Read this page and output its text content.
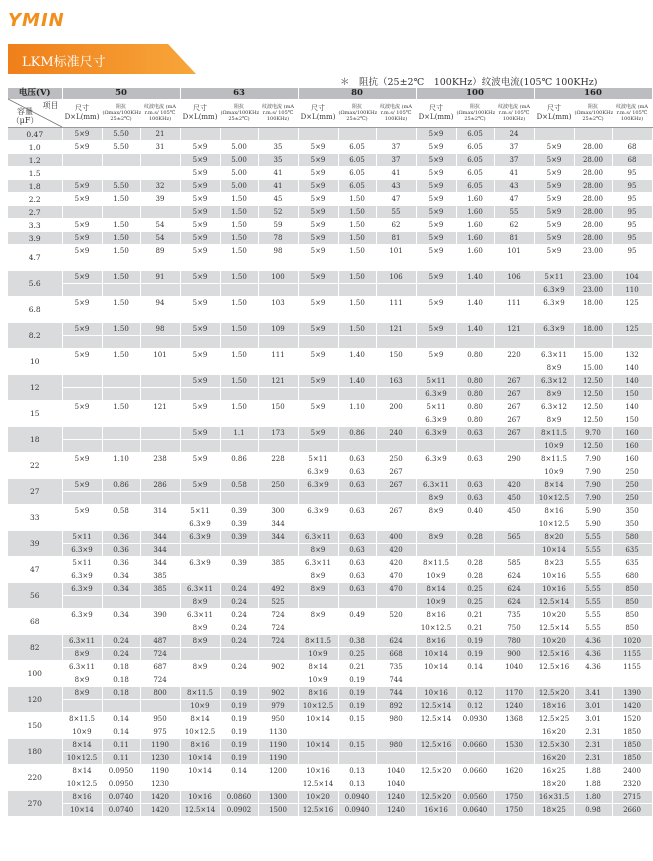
YMIN
LKM标准尺寸
＊　阻抗（25±2℃　100KHz）纹波电流(105℃ 100KHz)
电压(V)	50			63			80			100			160		

项目
容量（μF）	尺寸 D×L(mm)	阻抗 (Ωmax/100KHz 25±2℃)	纹波电流 (mA r.m.s/ 105℃ 100KHz)	尺寸 D×L(mm)	阻抗 (Ωmax/100KHz 25±2℃)	纹波电流 (mA r.m.s/ 105℃ 100KHz)	尺寸 D×L(mm)	阻抗 (Ωmax/100KHz 25±2℃)	纹波电流 (mA r.m.s/ 105℃ 100KHz)	尺寸 D×L(mm)	阻抗 (Ωmax/100KHz 25±2℃)	纹波电流 (mA r.m.s/ 105℃ 100KHz)	尺寸 D×L(mm)	阻抗 (Ωmax/100KHz 25±2℃)	纹波电流 (mA r.m.s/ 105℃ 100KHz)
0.47	5×9	5.50	21							5×9	6.05	24			
1.0	5×9	5.50	31	5×9	5.00	35	5×9	6.05	37	5×9	6.05	37	5×9	28.00	68
1.2				5×9	5.00	35	5×9	6.05	37	5×9	6.05	37	5×9	28.00	68
1.5				5×9	5.00	41	5×9	6.05	41	5×9	6.05	41	5×9	28.00	95
1.8	5×9	5.50	32	5×9	5.00	41	5×9	6.05	43	5×9	6.05	43	5×9	28.00	95
2.2	5×9	1.50	39	5×9	1.50	45	5×9	1.50	47	5×9	1.60	47	5×9	28.00	95
2.7				5×9	1.50	52	5×9	1.50	55	5×9	1.60	55	5×9	28.00	95
3.3	5×9	1.50	54	5×9	1.50	59	5×9	1.50	62	5×9	1.60	62	5×9	28.00	95
3.9	5×9	1.50	54	5×9	1.50	78	5×9	1.50	81	5×9	1.60	81	5×9	28.00	95
4.7	5×9	1.50	89	5×9	1.50	98	5×9	1.50	101	5×9	1.60	101	5×9	23.00	95

5.6	5×9	1.50	91	5×9	1.50	100	5×9	1.50	106	5×9	1.40	106	5×11	23.00	104
													6.3×9	23.00	110
6.8	5×9	1.50	94	5×9	1.50	103	5×9	1.50	111	5×9	1.40	111	6.3×9	18.00	125

8.2	5×9	1.50	98	5×9	1.50	109	5×9	1.50	121	5×9	1.40	121	6.3×9	18.00	125

10	5×9	1.50	101	5×9	1.50	111	5×9	1.40	150	5×9	0.80	220	6.3×11	15.00	132
													8×9	15.00	140
12				5×9	1.50	121	5×9	1.40	163	5×11	0.80	267	6.3×12	12.50	140
										6.3×9	0.80	267	8×9	12.50	150
15	5×9	1.50	121	5×9	1.50	150	5×9	1.10	200	5×11	0.80	267	6.3×12	12.50	140
										6.3×9	0.80	267	8×9	12.50	150
18				5×9	1.1	173	5×9	0.86	240	6.3×9	0.63	267	8×11.5	9.70	160
													10×9	12.50	160
22	5×9	1.10	238	5×9	0.86	228	5×11	0.63	250	6.3×9	0.63	290	8×11.5	7.90	160
							6.3×9	0.63	267				10×9	7.90	250
27	5×9	0.86	286	5×9	0.58	250	6.3×9	0.63	267	6.3×11	0.63	420	8×14	7.90	250
										8×9	0.63	450	10×12.5	7.90	250
33	5×9	0.58	314	5×11	0.39	300	6.3×9	0.63	267	8×9	0.40	450	8×16	5.90	350
				6.3×9	0.39	344							10×12.5	5.90	350
39	5×11	0.36	344	6.3×9	0.39	344	6.3×11	0.63	400	8×9	0.28	565	8×20	5.55	580
	6.3×9	0.36	344				8×9	0.63	420				10×14	5.55	635
47	5×11	0.36	344	6.3×9	0.39	385	6.3×11	0.63	420	8×11.5	0.28	585	8×23	5.55	635
	6.3×9	0.34	385				8×9	0.63	470	10×9	0.28	624	10×16	5.55	680
56	6.3×9	0.34	385	6.3×11	0.24	492	8×9	0.63	470	8×14	0.25	624	10×16	5.55	850
				8×9	0.24	525				10×9	0.25	624	12.5×14	5.55	850
68	6.3×9	0.34	390	6.3×11	0.24	724	8×9	0.49	520	8×16	0.21	735	10×20	5.55	850
				8×9	0.24	724				10×12.5	0.21	750	12.5×14	5.55	850
82	6.3×11	0.24	487	8×9	0.24	724	8×11.5	0.38	624	8×16	0.19	780	10×20	4.36	1020
	8×9	0.24	724				10×9	0.25	668	10×14	0.19	900	12.5×16	4.36	1155
100	6.3×11	0.18	687	8×9	0.24	902	8×14	0.21	735	10×14	0.14	1040	12.5×16	4.36	1155
	8×9	0.18	724				10×9	0.19	744						
120	8×9	0.18	800	8×11.5	0.19	902	8×16	0.19	744	10×16	0.12	1170	12.5×20	3.41	1390
				10×9	0.19	979	10×12.5	0.19	892	12.5×14	0.12	1240	18×16	3.01	1420
150	8×11.5	0.14	950	8×14	0.19	950	10×14	0.15	980	12.5×14	0.0930	1368	12.5×25	3.01	1520
	10×9	0.14	975	10×12.5	0.19	1130							16×20	2.31	1850
180	8×14	0.11	1190	8×16	0.19	1190	10×14	0.15	980	12.5×16	0.0660	1530	12.5×30	2.31	1850
	10×12.5	0.11	1230	10×14	0.19	1190							16×20	2.31	1850
220	8×14	0.0950	1190	10×14	0.14	1200	10×16	0.13	1040	12.5×20	0.0660	1620	16×25	1.88	2400
	10×12.5	0.0950	1230				12.5×14	0.13	1040				18×20	1.88	2320
270	8×16	0.0740	1420	10×16	0.0860	1300	10×20	0.0940	1240	12.5×20	0.0560	1750	16×31.5	1.80	2715
	10×14	0.0740	1420	12.5×14	0.0902	1500	12.5×16	0.0940	1240	16×16	0.0640	1750	18×25	0.98	2660
